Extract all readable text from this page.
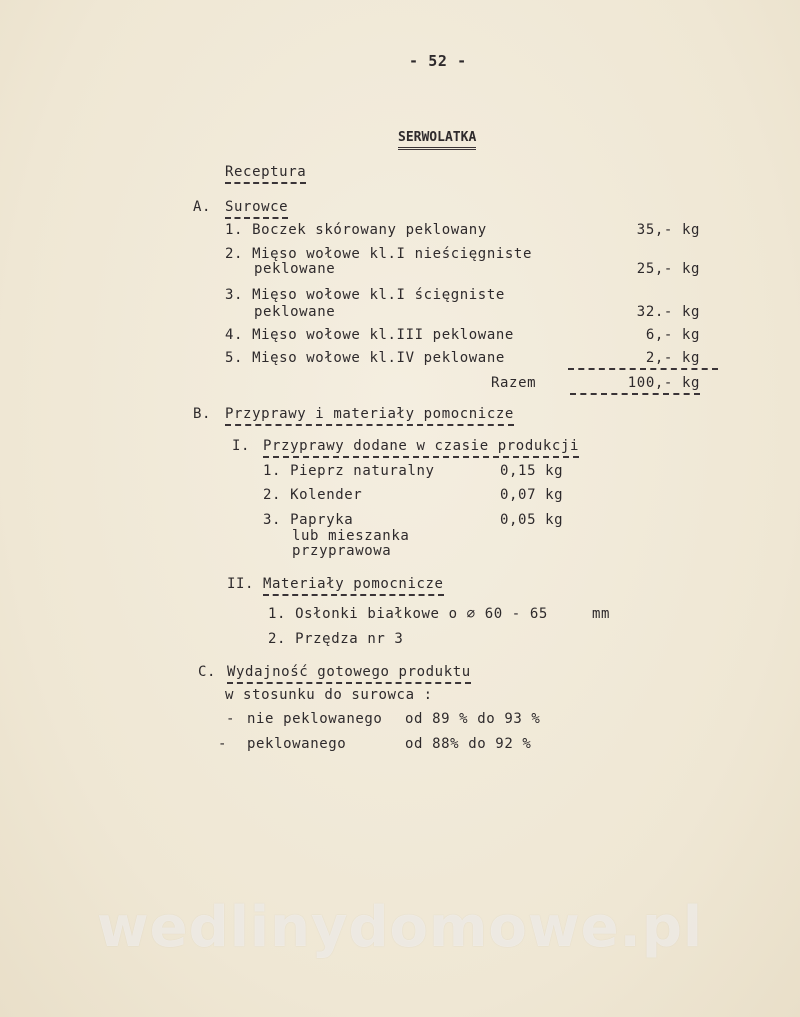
- 52 -
SERWOLATKA
Receptura
A. Surowce
1. Boczek skórowany peklowany	35,- kg
2. Mięso wołowe kl.I nieścięgniste
peklowane	25,- kg
3. Mięso wołowe kl.I ścięgniste
peklowane	32.- kg
4. Mięso wołowe kl.III peklowane	6,- kg
5. Mięso wołowe kl.IV peklowane	2,- kg
Razem	100,- kg
B. Przyprawy i materiały pomocnicze
I. Przyprawy dodane w czasie produkcji
1. Pieprz naturalny	0,15 kg
2. Kolender	0,07 kg
3. Papryka
lub mieszanka
przyprawowa
0,05 kg
II. Materiały pomocnicze
1. Osłonki białkowe o ∅ 60 - 65	mm
2. Przędza nr 3
C. Wydajność gotowego produktu
w stosunku do surowca :
- nie peklowanego od 89 % do 93 %
- peklowanego	od 88% do 92 %
wedlinydomowe.pl
